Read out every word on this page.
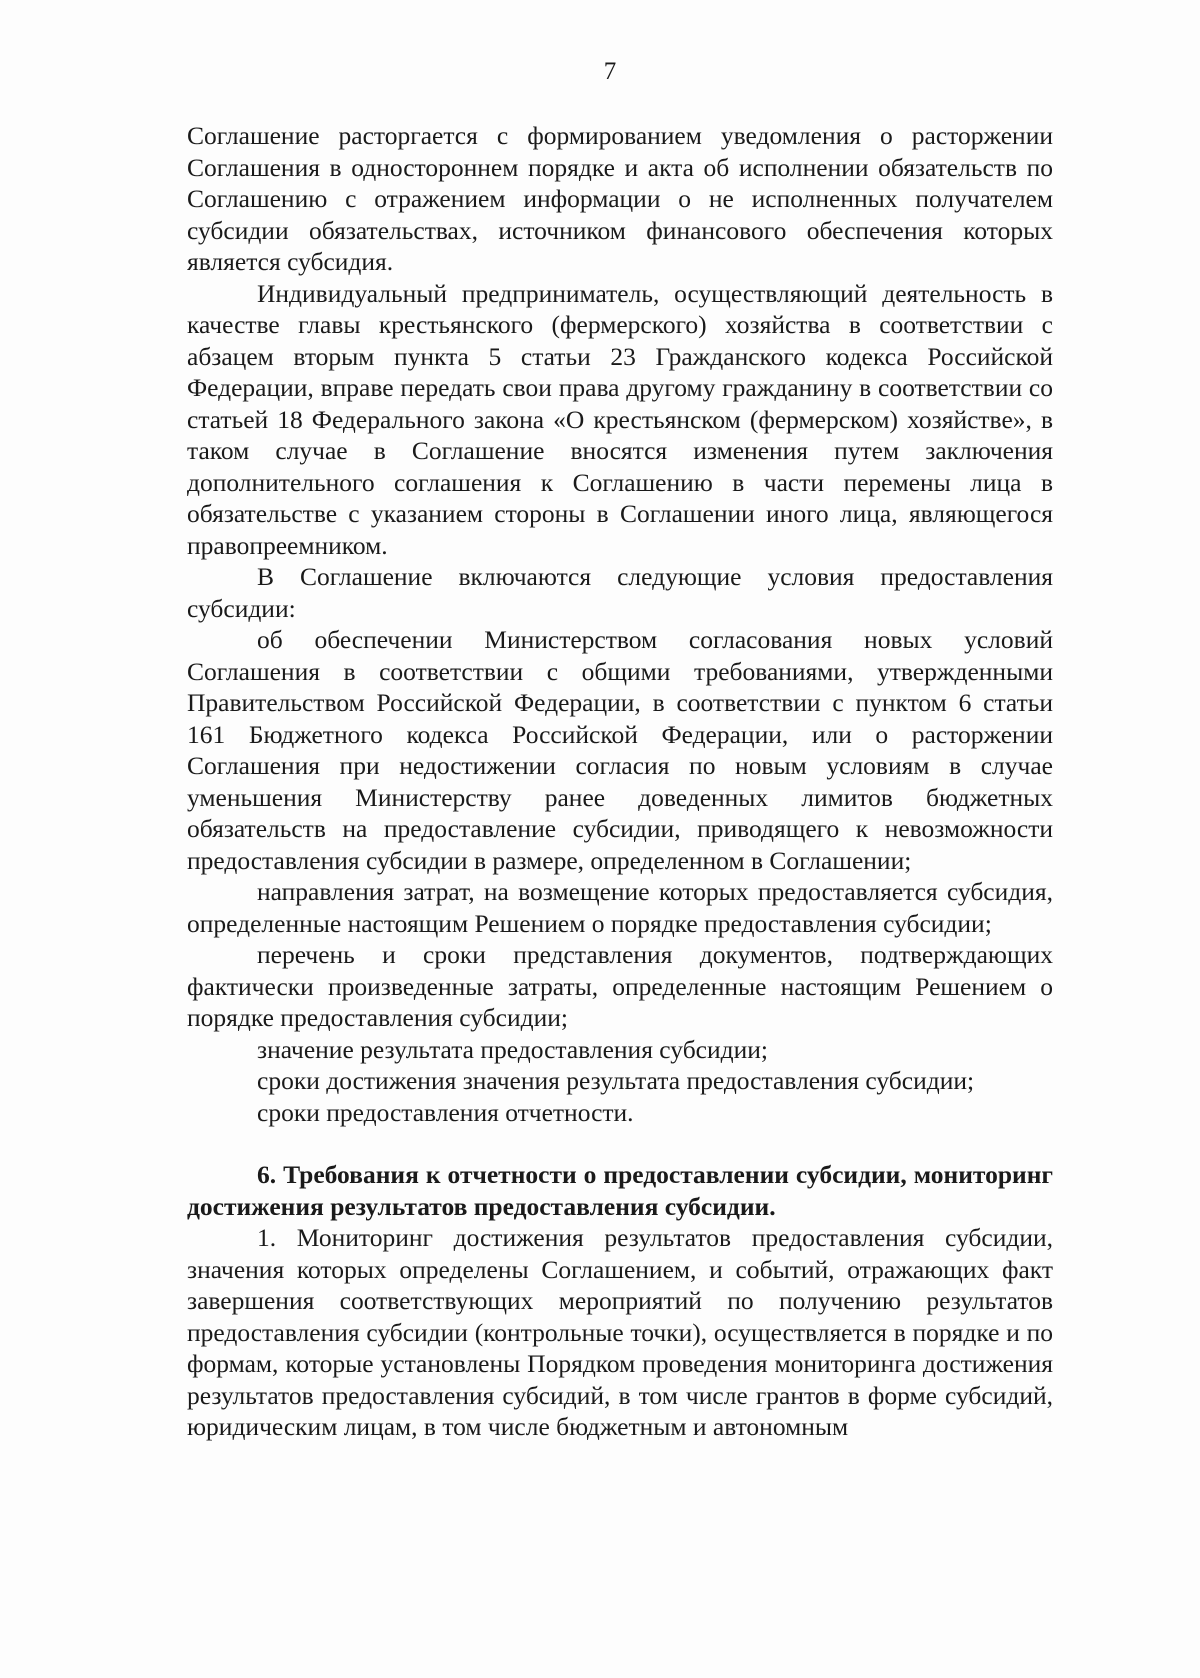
7

Соглашение расторгается с формированием уведомления о расторжении Соглашения в одностороннем порядке и акта об исполнении обязательств по Соглашению с отражением информации о не исполненных получателем субсидии обязательствах, источником финансового обеспечения которых является субсидия.

Индивидуальный предприниматель, осуществляющий деятельность в качестве главы крестьянского (фермерского) хозяйства в соответствии с абзацем вторым пункта 5 статьи 23 Гражданского кодекса Российской Федерации, вправе передать свои права другому гражданину в соответствии со статьей 18 Федерального закона «О крестьянском (фермерском) хозяйстве», в таком случае в Соглашение вносятся изменения путем заключения дополнительного соглашения к Соглашению в части перемены лица в обязательстве с указанием стороны в Соглашении иного лица, являющегося правопреемником.

В Соглашение включаются следующие условия предоставления субсидии:

об обеспечении Министерством согласования новых условий Соглашения в соответствии с общими требованиями, утвержденными Правительством Российской Федерации, в соответствии с пунктом 6 статьи 161 Бюджетного кодекса Российской Федерации, или о расторжении Соглашения при недостижении согласия по новым условиям в случае уменьшения Министерству ранее доведенных лимитов бюджетных обязательств на предоставление субсидии, приводящего к невозможности предоставления субсидии в размере, определенном в Соглашении;

направления затрат, на возмещение которых предоставляется субсидия, определенные настоящим Решением о порядке предоставления субсидии;

перечень и сроки представления документов, подтверждающих фактически произведенные затраты, определенные настоящим Решением о порядке предоставления субсидии;

значение результата предоставления субсидии;

сроки достижения значения результата предоставления субсидии;

сроки предоставления отчетности.

6. Требования к отчетности о предоставлении субсидии, мониторинг достижения результатов предоставления субсидии.

1. Мониторинг достижения результатов предоставления субсидии, значения которых определены Соглашением, и событий, отражающих факт завершения соответствующих мероприятий по получению результатов предоставления субсидии (контрольные точки), осуществляется в порядке и по формам, которые установлены Порядком проведения мониторинга достижения результатов предоставления субсидий, в том числе грантов в форме субсидий, юридическим лицам, в том числе бюджетным и автономным
